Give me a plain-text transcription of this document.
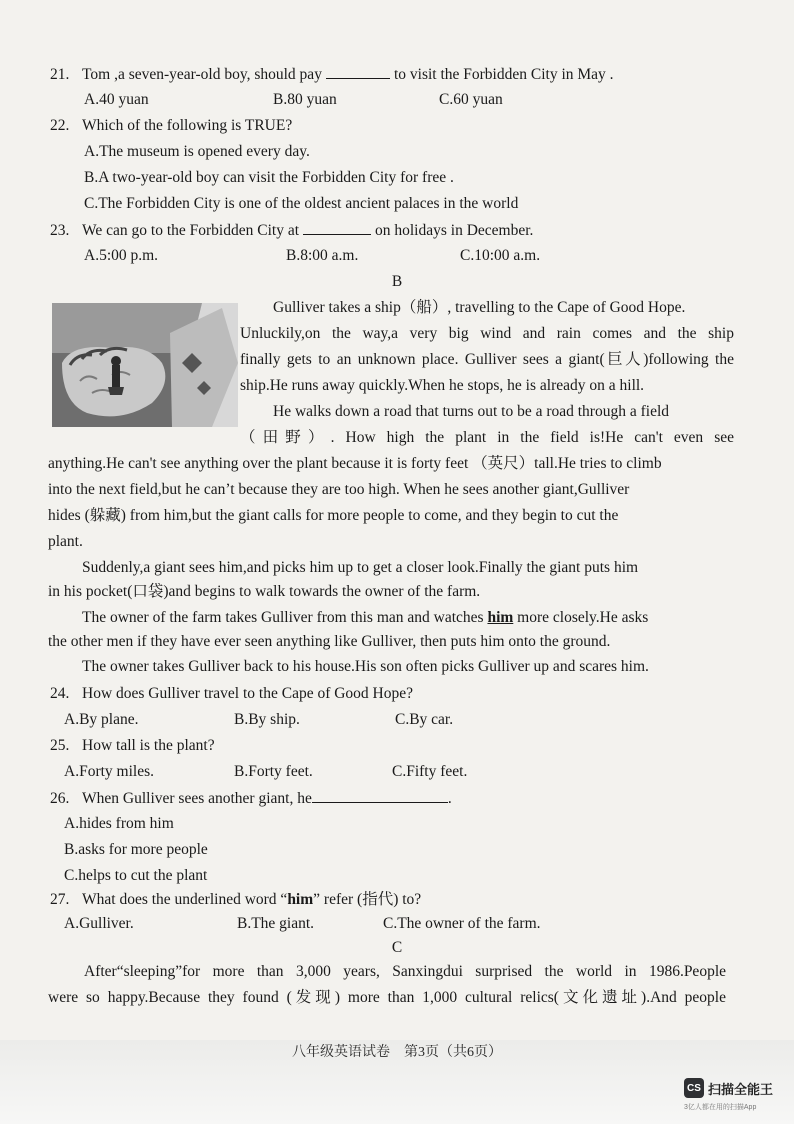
21. Tom ,a seven-year-old boy, should pay	to visit the Forbidden City in May .
A.40 yuan	B.80 yuan	C.60 yuan
22. Which of the following is TRUE?
A.The museum is opened every day.
B.A two-year-old boy can visit the Forbidden City for free .
C.The Forbidden City is one of the oldest ancient palaces in the world
23. We can go to the Forbidden City at	on holidays in December.
A.5:00 p.m.	B.8:00 a.m.	C.10:00 a.m.
B
Gulliver takes a ship（船）, travelling to the Cape of Good Hope.
Unluckily,on the way,a very big wind and rain comes and the ship
finally gets to an unknown place. Gulliver sees a giant(巨人)following the
ship.He runs away quickly.When he stops, he is already on a hill.
He walks down a road that turns out to be a road through a field
（田野）. How high the plant in the field is!He can't even see
anything.He can't see anything over the plant because it is forty feet （英尺）tall.He tries to climb
into the next field,but he can’t because they are too high. When he sees another giant,Gulliver
hides (躲藏) from him,but the giant calls for more people to come, and they begin to cut the
plant.
Suddenly,a giant sees him,and picks him up to get a closer look.Finally the giant puts him
in his pocket(口袋)and begins to walk towards the owner of the farm.
The owner of the farm takes Gulliver from this man and watches him more closely.He asks
the other men if they have ever seen anything like Gulliver, then puts him onto the ground.
The owner takes Gulliver back to his house.His son often picks Gulliver up and scares him.
24. How does Gulliver travel to the Cape of Good Hope?
A.By plane.	B.By ship.	C.By car.
25. How tall is the plant?
A.Forty miles.	B.Forty feet.	C.Fifty feet.
26. When Gulliver sees another giant, he	.
A.hides from him
B.asks for more people
C.helps to cut the plant
27. What does the underlined word “him” refer (指代) to?
A.Gulliver.	B.The giant.	C.The owner of the farm.
C
After“sleeping”for more than 3,000 years, Sanxingdui surprised the world in 1986.People
were so happy.Because they found (发现) more than 1,000 cultural relics(文化遗址).And people
八年级英语试卷　第3页（共6页）
CS 扫描全能王
3亿人都在用的扫描App
